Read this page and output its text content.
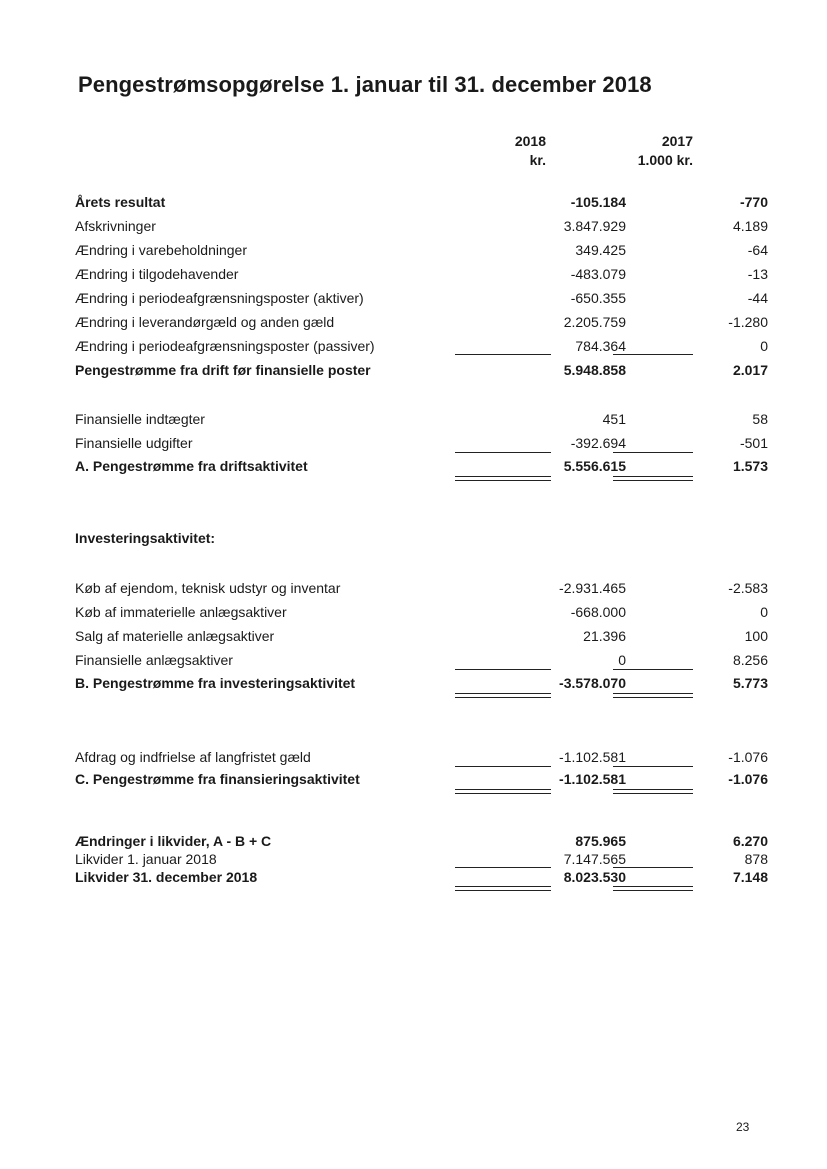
Pengestrømsopgørelse 1. januar til 31. december 2018
2018
kr.
2017
1.000 kr.
Årets resultat	-105.184	-770
Afskrivninger	3.847.929	4.189
Ændring i varebeholdninger	349.425	-64
Ændring i tilgodehavender	-483.079	-13
Ændring i periodeafgrænsningsposter (aktiver)	-650.355	-44
Ændring i leverandørgæld og anden gæld	2.205.759	-1.280
Ændring i periodeafgrænsningsposter (passiver)	784.364	0
Pengestrømme fra drift før finansielle poster	5.948.858	2.017
Finansielle indtægter	451	58
Finansielle udgifter	-392.694	-501
A. Pengestrømme fra driftsaktivitet	5.556.615	1.573
Investeringsaktivitet:
Køb af ejendom, teknisk udstyr og inventar	-2.931.465	-2.583
Køb af immaterielle anlægsaktiver	-668.000	0
Salg af materielle anlægsaktiver	21.396	100
Finansielle anlægsaktiver	0	8.256
B. Pengestrømme fra investeringsaktivitet	-3.578.070	5.773
Afdrag og indfrielse af langfristet gæld	-1.102.581	-1.076
C. Pengestrømme fra finansieringsaktivitet	-1.102.581	-1.076
Ændringer i likvider, A - B + C	875.965	6.270
Likvider 1. januar 2018	7.147.565	878
Likvider 31. december 2018	8.023.530	7.148
23
